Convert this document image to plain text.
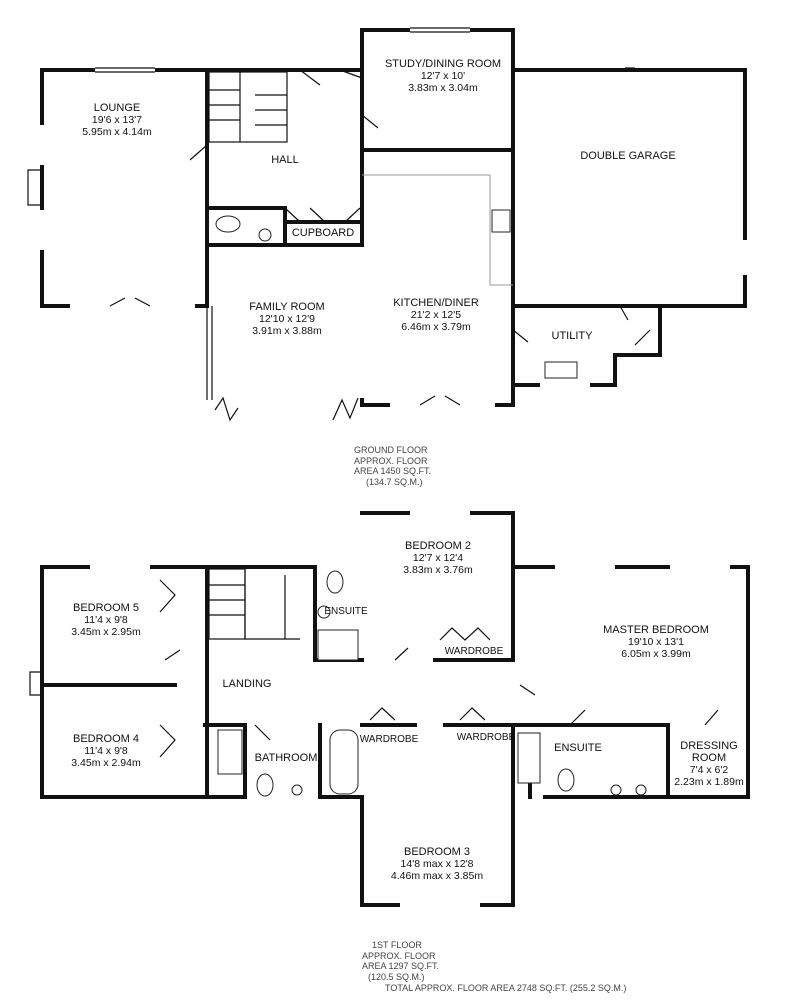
LOUNGE
19'6 x 13'7
5.95m x 4.14m
STUDY/DINING ROOM
12'7 x 10'
3.83m x 3.04m
HALL	DOUBLE GARAGE
CUPBOARD
FAMILY ROOM
12'10 x 12'9
3.91m x 3.88m
KITCHEN/DINER
21'2 x 12'5
6.46m x 3.79m
UTILITY
GROUND FLOOR
APPROX. FLOOR
AREA 1450 SQ.FT.
(134.7 SQ.M.)
BEDROOM 2
12'7 x 12'4
3.83m x 3.76m
BEDROOM 5
11'4 x 9'8
3.45m x 2.95m
ENSUITE
MASTER BEDROOM
19'10 x 13'1
6.05m x 3.99m
WARDROBE
LANDING
BEDROOM 4
11'4 x 9'8
3.45m x 2.94m
WARDROBE	WARDROBE
BATHROOM
ENSUITE	DRESSING
ROOM
7'4 x 6'2
2.23m x 1.89m
BEDROOM 3
14'8 max x 12'8
4.46m max x 3.85m
1ST FLOOR
APPROX. FLOOR
AREA 1297 SQ.FT.
(120.5 SQ.M.)
TOTAL APPROX. FLOOR AREA 2748 SQ.FT. (255.2 SQ.M.)
